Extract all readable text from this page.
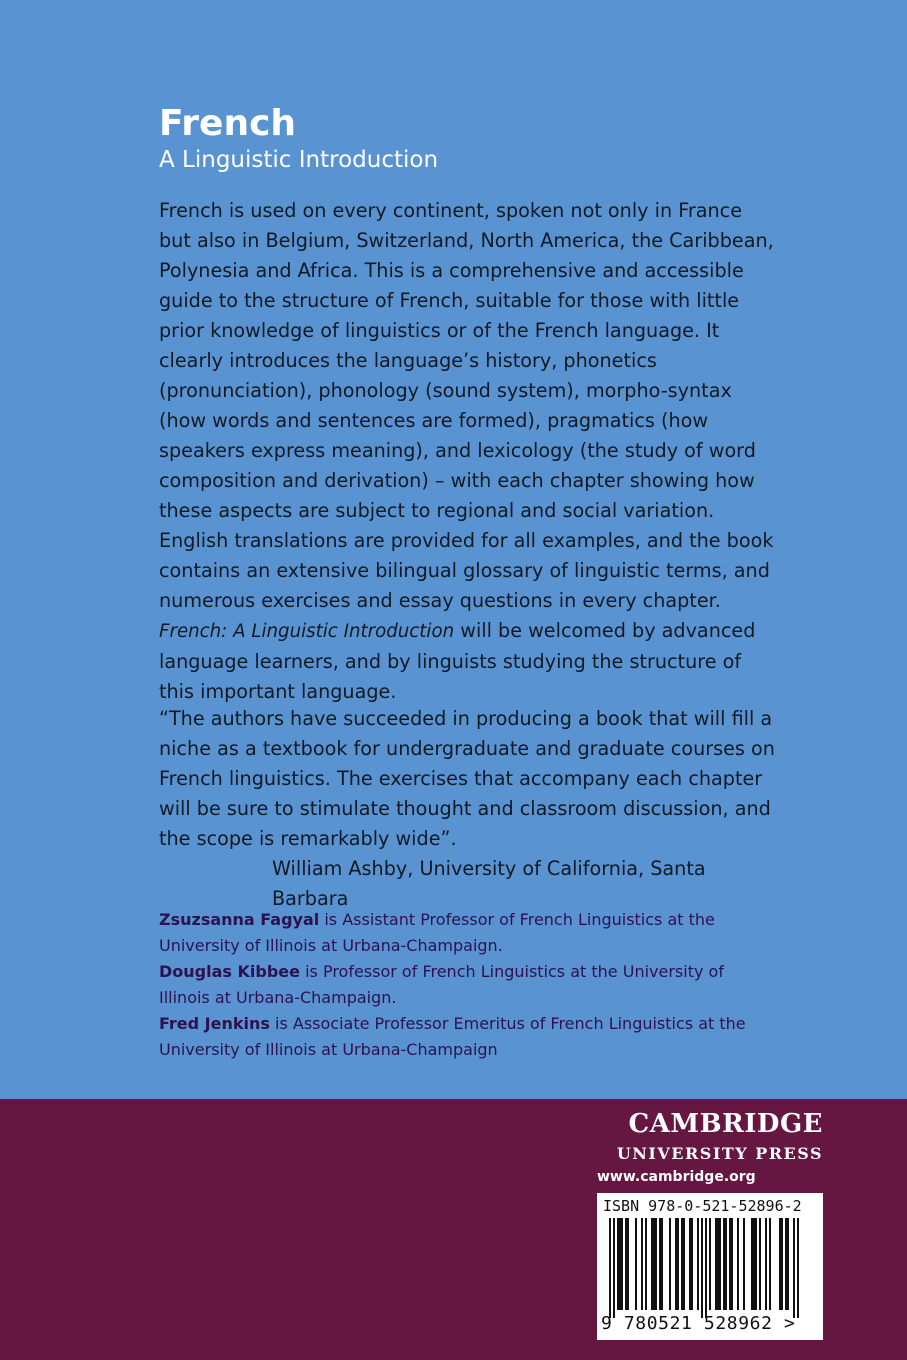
French
A Linguistic Introduction

French is used on every continent, spoken not only in France but also in Belgium, Switzerland, North America, the Caribbean, Polynesia and Africa. This is a comprehensive and accessible guide to the structure of French, suitable for those with little prior knowledge of linguistics or of the French language. It clearly introduces the language’s history, phonetics (pronunciation), phonology (sound system), morpho-syntax (how words and sentences are formed), pragmatics (how speakers express meaning), and lexicology (the study of word composition and derivation) – with each chapter showing how these aspects are subject to regional and social variation. English translations are provided for all examples, and the book contains an extensive bilingual glossary of linguistic terms, and numerous exercises and essay questions in every chapter. French: A Linguistic Introduction will be welcomed by advanced language learners, and by linguists studying the structure of this important language.

“The authors have succeeded in producing a book that will fill a niche as a textbook for undergraduate and graduate courses on French linguistics. The exercises that accompany each chapter will be sure to stimulate thought and classroom discussion, and the scope is remarkably wide”.
William Ashby, University of California, Santa Barbara

Zsuzsanna Fagyal is Assistant Professor of French Linguistics at the University of Illinois at Urbana-Champaign.

Douglas Kibbee is Professor of French Linguistics at the University of Illinois at Urbana-Champaign.

Fred Jenkins is Associate Professor Emeritus of French Linguistics at the University of Illinois at Urbana-Champaign

CAMBRIDGE
UNIVERSITY PRESS
www.cambridge.org
ISBN 978-0-521-52896-2
9 780521 528962 >
